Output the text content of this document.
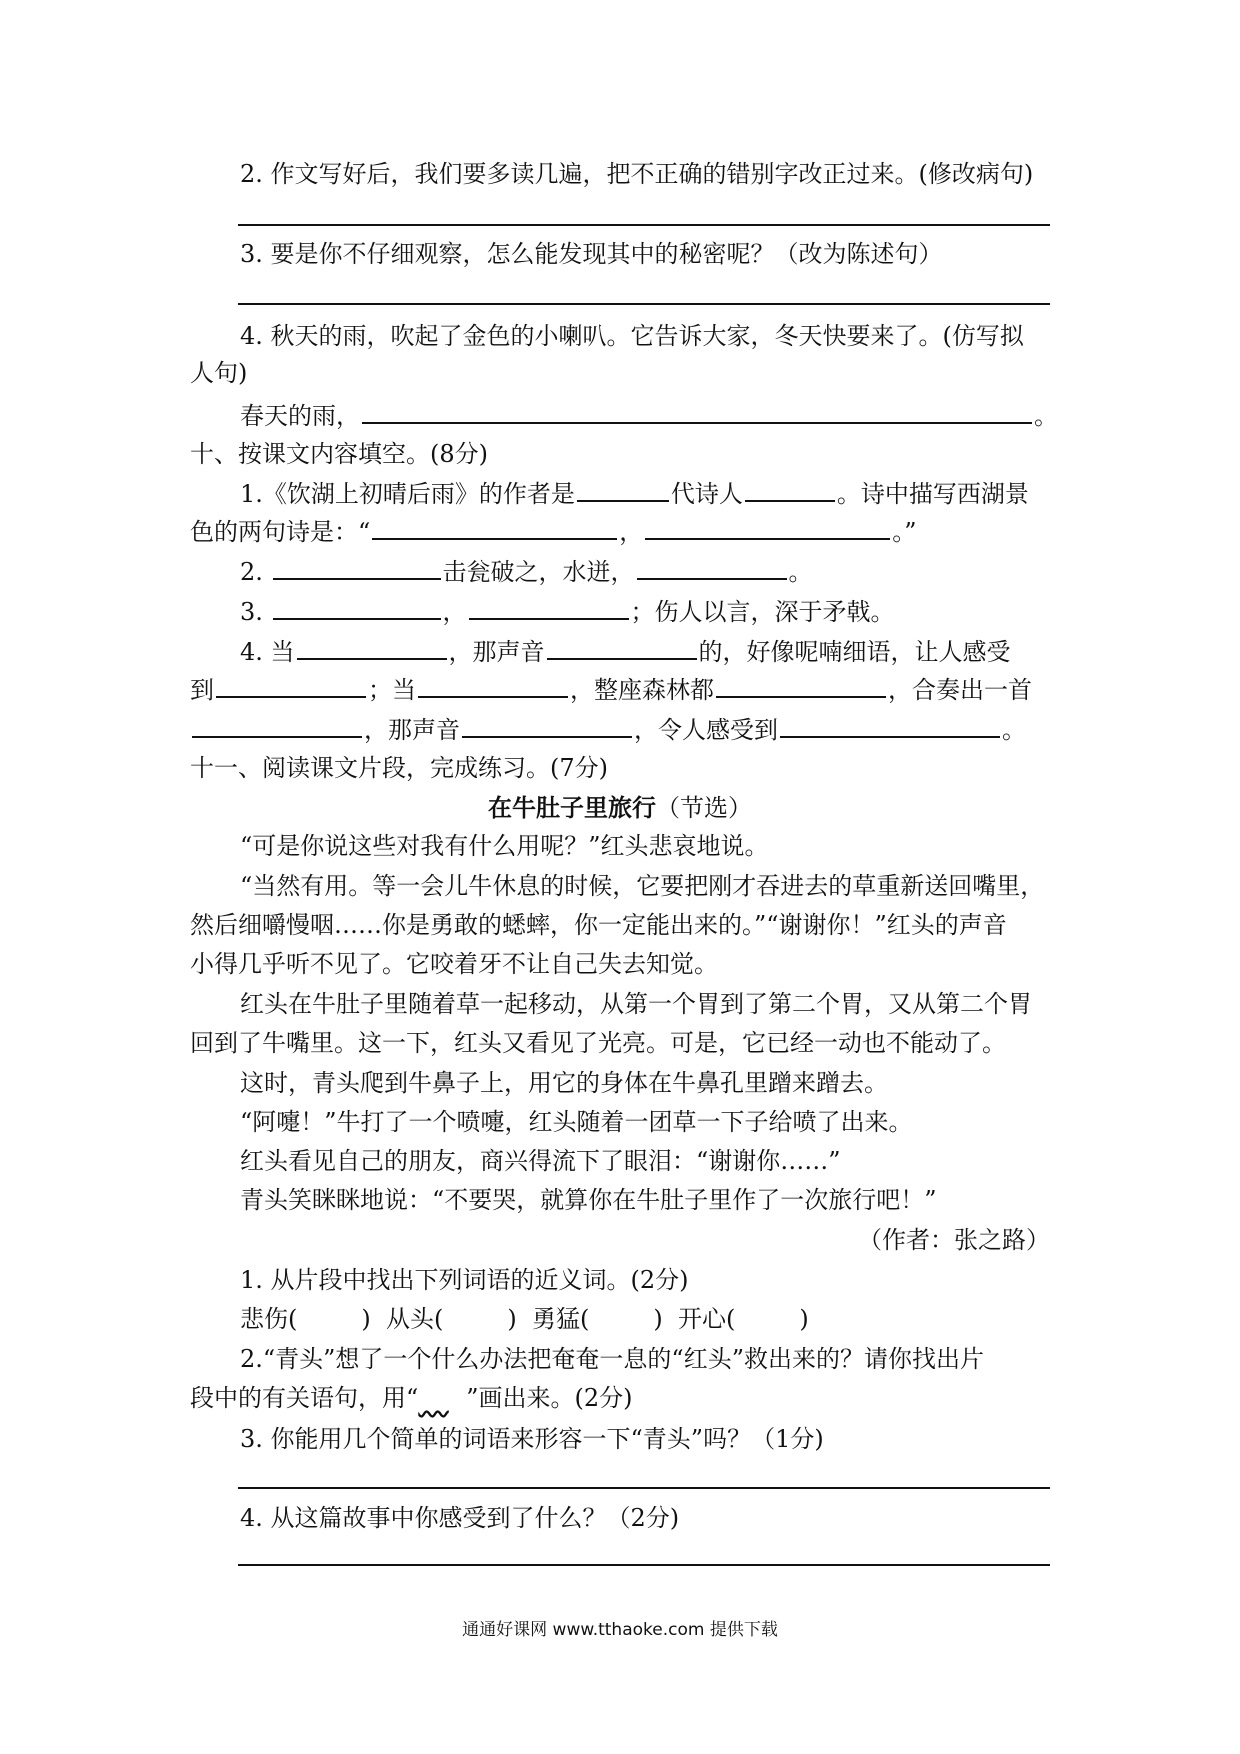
2. 作文写好后，我们要多读几遍，把不正确的错别字改正过来。(修改病句)
3. 要是你不仔细观察，怎么能发现其中的秘密呢？（改为陈述句）
4. 秋天的雨，吹起了金色的小喇叭。它告诉大家，冬天快要来了。(仿写拟
人句)
春天的雨，	。
十、按课文内容填空。(8分)
1.《饮湖上初晴后雨》的作者是	代诗人	。诗中描写西湖景
色的两句诗是：“	，	。”
2.	击瓮破之，水迸，	。
3.	，	；伤人以言，深于矛戟。
4. 当	，那声音	的，好像呢喃细语，让人感受
到	；当	，整座森林都	，合奏出一首
，那声音	，令人感受到	。
十一、阅读课文片段，完成练习。(7分)
在牛肚子里旅行（节选）
“可是你说这些对我有什么用呢？”红头悲哀地说。
“当然有用。等一会儿牛休息的时候，它要把刚才吞进去的草重新送回嘴里，
然后细嚼慢咽……你是勇敢的蟋蟀，你一定能出来的。”“谢谢你！”红头的声音
小得几乎听不见了。它咬着牙不让自己失去知觉。
红头在牛肚子里随着草一起移动，从第一个胃到了第二个胃，又从第二个胃
回到了牛嘴里。这一下，红头又看见了光亮。可是，它已经一动也不能动了。
这时，青头爬到牛鼻子上，用它的身体在牛鼻孔里蹭来蹭去。
“阿嚏！”牛打了一个喷嚏，红头随着一团草一下子给喷了出来。
红头看见自己的朋友，商兴得流下了眼泪：“谢谢你……”
青头笑眯眯地说：“不要哭，就算你在牛肚子里作了一次旅行吧！”
（作者：张之路）
1. 从片段中找出下列词语的近义词。(2分)
悲伤(	) 从头(	) 勇猛(	) 开心(	)
2.“青头”想了一个什么办法把奄奄一息的“红头”救出来的？请你找出片
段中的有关语句，用“ ”画出来。(2分)
3. 你能用几个简单的词语来形容一下“青头”吗？（1分)
4. 从这篇故事中你感受到了什么？（2分)
通通好课网 www.tthaoke.com 提供下载
